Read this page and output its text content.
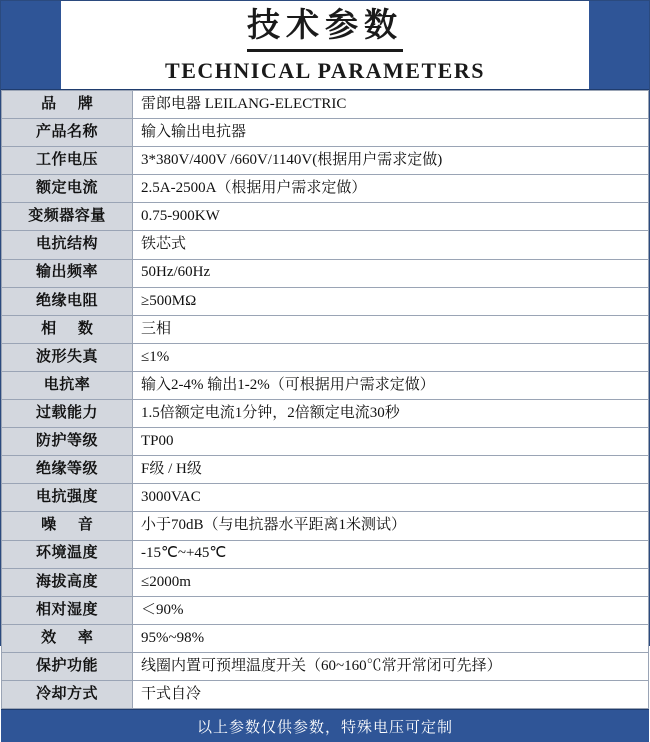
技术参数
TECHNICAL PARAMETERS
品 牌	雷郎电器 LEILANG-ELECTRIC
产品名称	输入输出电抗器
工作电压	3*380V/400V /660V/1140V(根据用户需求定做)
额定电流	2.5A-2500A（根据用户需求定做）
变频器容量	0.75-900KW
电抗结构	铁芯式
输出频率	50Hz/60Hz
绝缘电阻	≥500MΩ
相 数	三相
波形失真	≤1%
电抗率	输入2-4% 输出1-2%（可根据用户需求定做）
过载能力	1.5倍额定电流1分钟，2倍额定电流30秒
防护等级	TP00
绝缘等级	F级 / H级
电抗强度	3000VAC
噪 音	小于70dB（与电抗器水平距离1米测试）
环境温度	-15℃~+45℃
海拔高度	≤2000m
相对湿度	＜90%
效 率	95%~98%
保护功能	线圈内置可预埋温度开关（60~160℃常开常闭可先择）
冷却方式	干式自冷
以上参数仅供参数，特殊电压可定制
